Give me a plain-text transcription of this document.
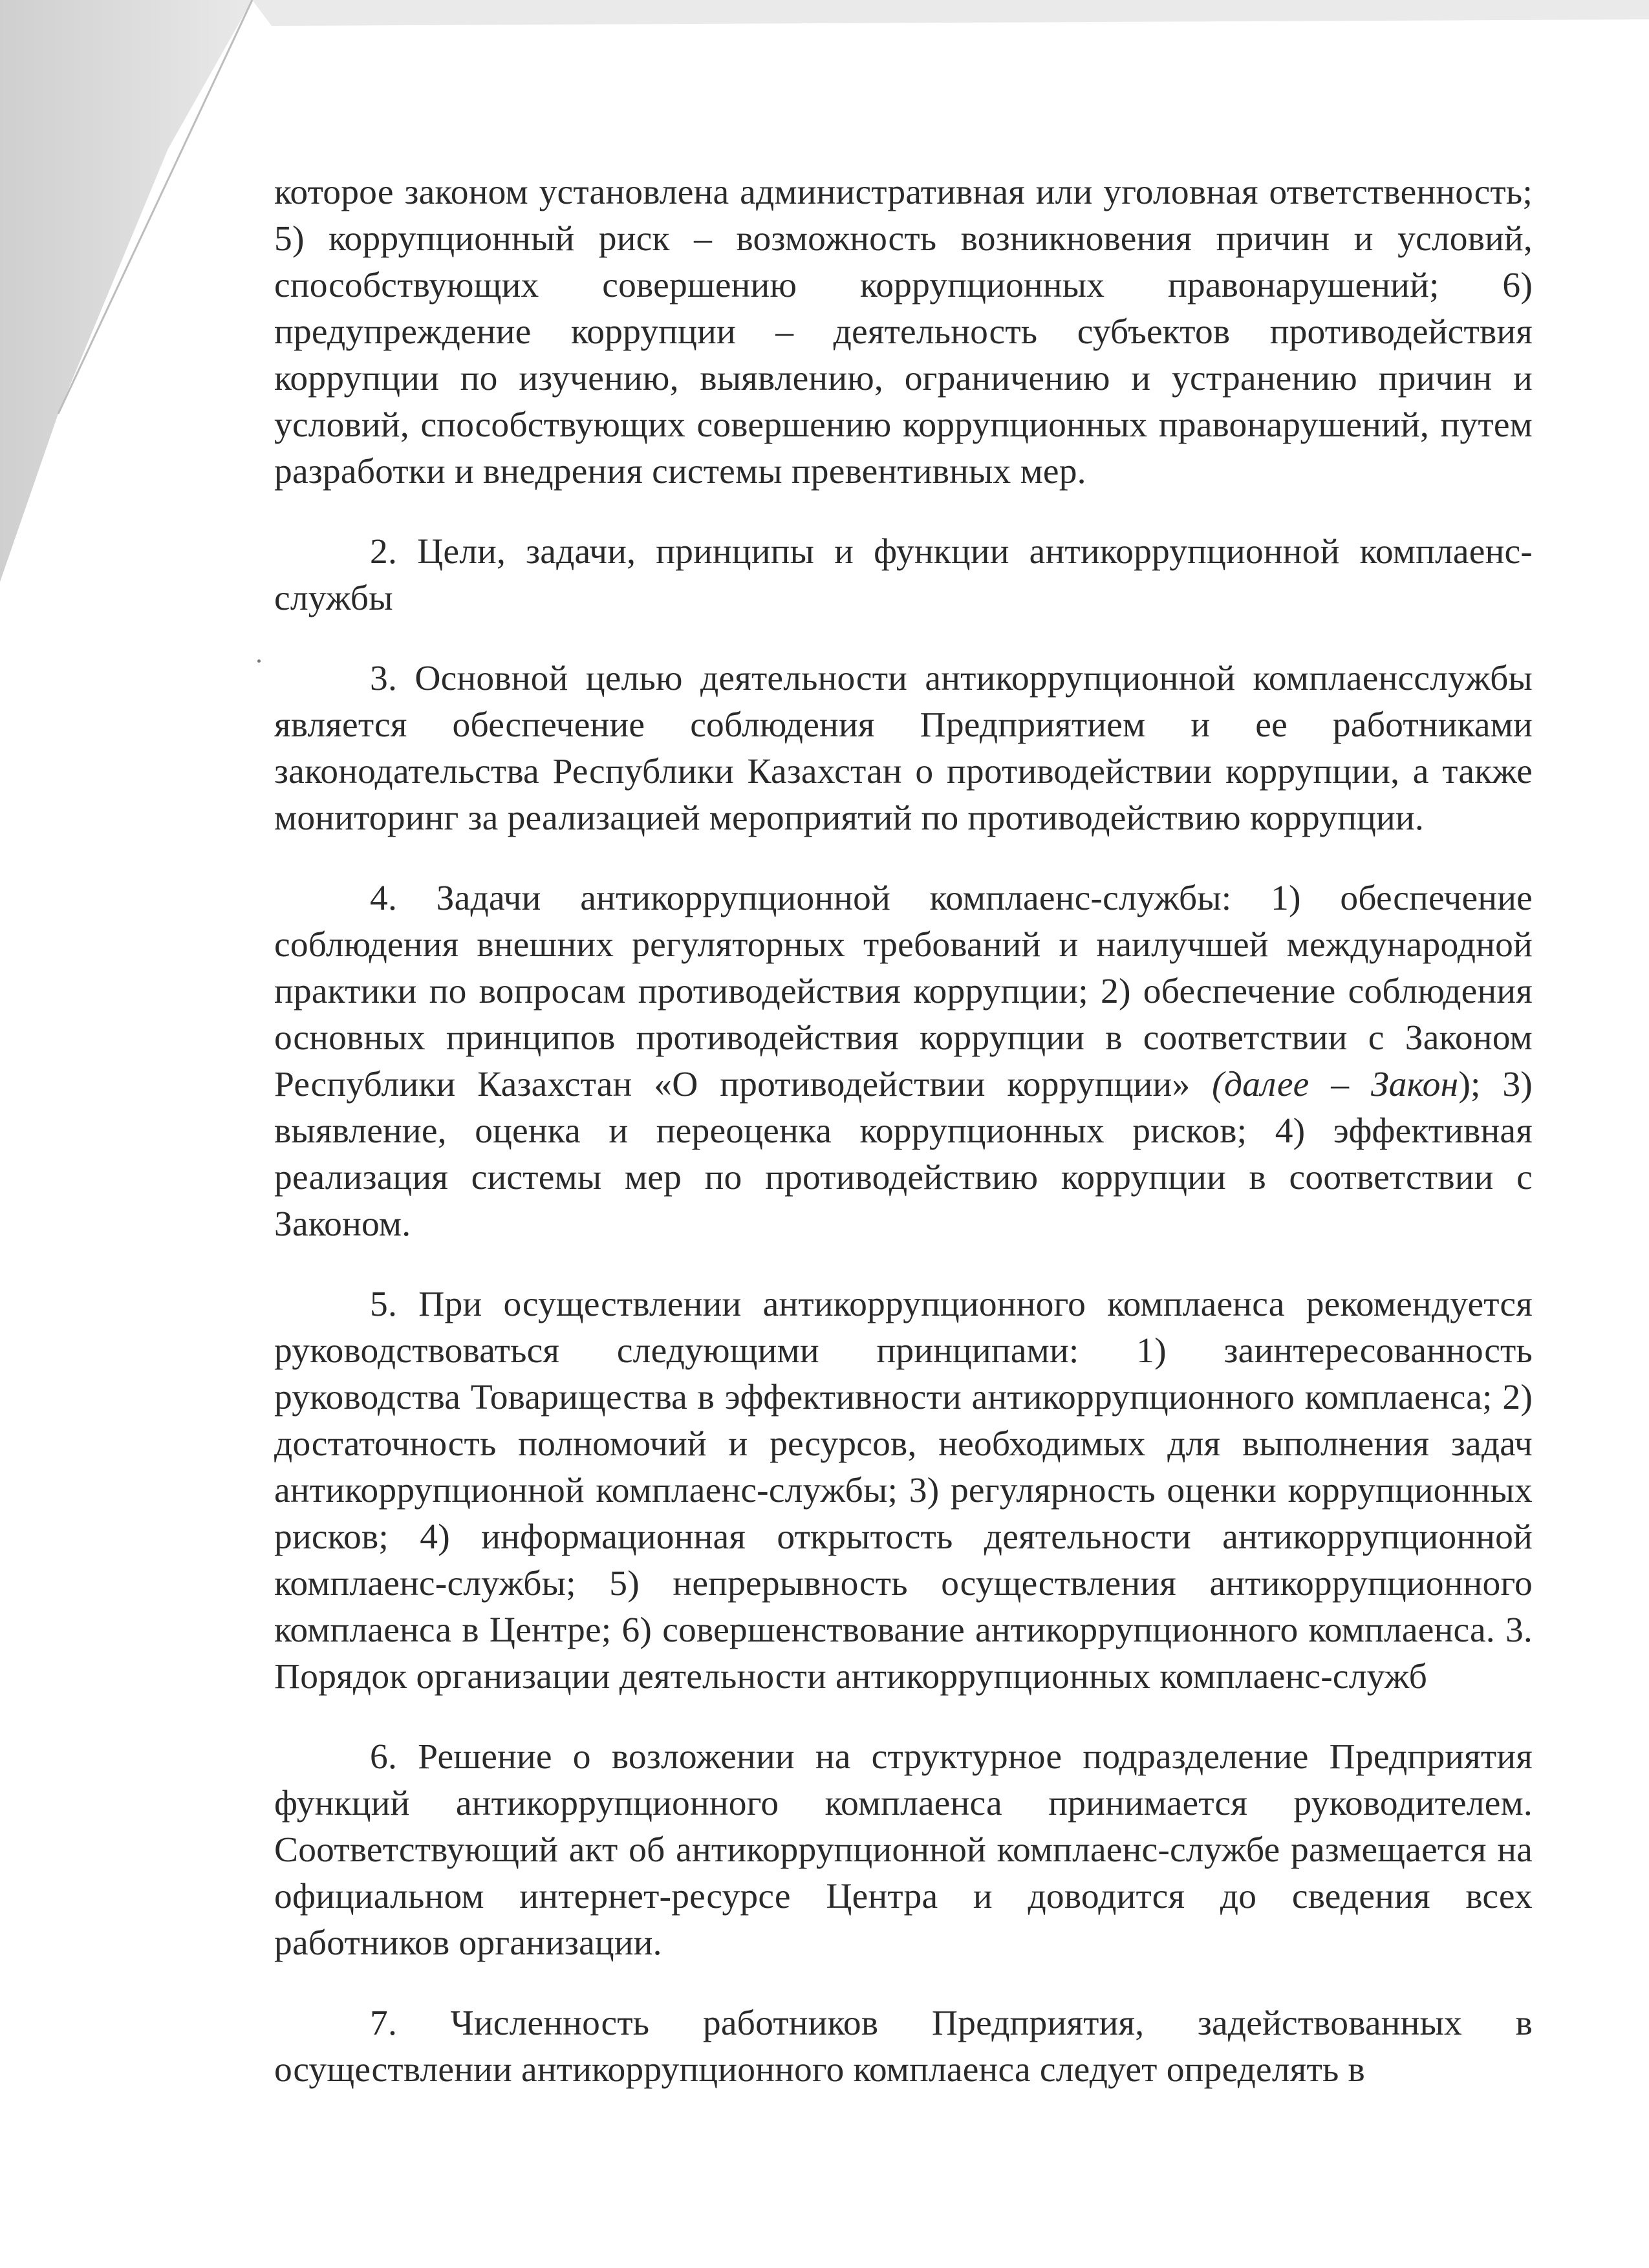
которое законом установлена административная или уголовная ответственность; 5) коррупционный риск – возможность возникновения причин и условий, способствующих совершению коррупционных правонарушений; 6) предупреждение коррупции – деятельность субъектов противодействия коррупции по изучению, выявлению, ограничению и устранению причин и условий, способствующих совершению коррупционных правонарушений, путем разработки и внедрения системы превентивных мер.

2. Цели, задачи, принципы и функции антикоррупционной комплаенс-службы

3. Основной целью деятельности антикоррупционной комплаенсслужбы является обеспечение соблюдения Предприятием и ее работниками законодательства Республики Казахстан о противодействии коррупции, а также мониторинг за реализацией мероприятий по противодействию коррупции.

4. Задачи антикоррупционной комплаенс-службы: 1) обеспечение соблюдения внешних регуляторных требований и наилучшей международной практики по вопросам противодействия коррупции; 2) обеспечение соблюдения основных принципов противодействия коррупции в соответствии с Законом Республики Казахстан «О противодействии коррупции» (далее – Закон); 3) выявление, оценка и переоценка коррупционных рисков; 4) эффективная реализация системы мер по противодействию коррупции в соответствии с Законом.

5. При осуществлении антикоррупционного комплаенса рекомендуется руководствоваться следующими принципами: 1) заинтересованность руководства Товарищества в эффективности антикоррупционного комплаенса; 2) достаточность полномочий и ресурсов, необходимых для выполнения задач антикоррупционной комплаенс-службы; 3) регулярность оценки коррупционных рисков; 4) информационная открытость деятельности антикоррупционной комплаенс-службы; 5) непрерывность осуществления антикоррупционного комплаенса в Центре; 6) совершенствование антикоррупционного комплаенса. 3. Порядок организации деятельности антикоррупционных комплаенс-служб

6. Решение о возложении на структурное подразделение Предприятия функций антикоррупционного комплаенса принимается руководителем. Соответствующий акт об антикоррупционной комплаенс-службе размещается на официальном интернет-ресурсе Центра и доводится до сведения всех работников организации.

7. Численность работников Предприятия, задействованных в осуществлении антикоррупционного комплаенса следует определять в
